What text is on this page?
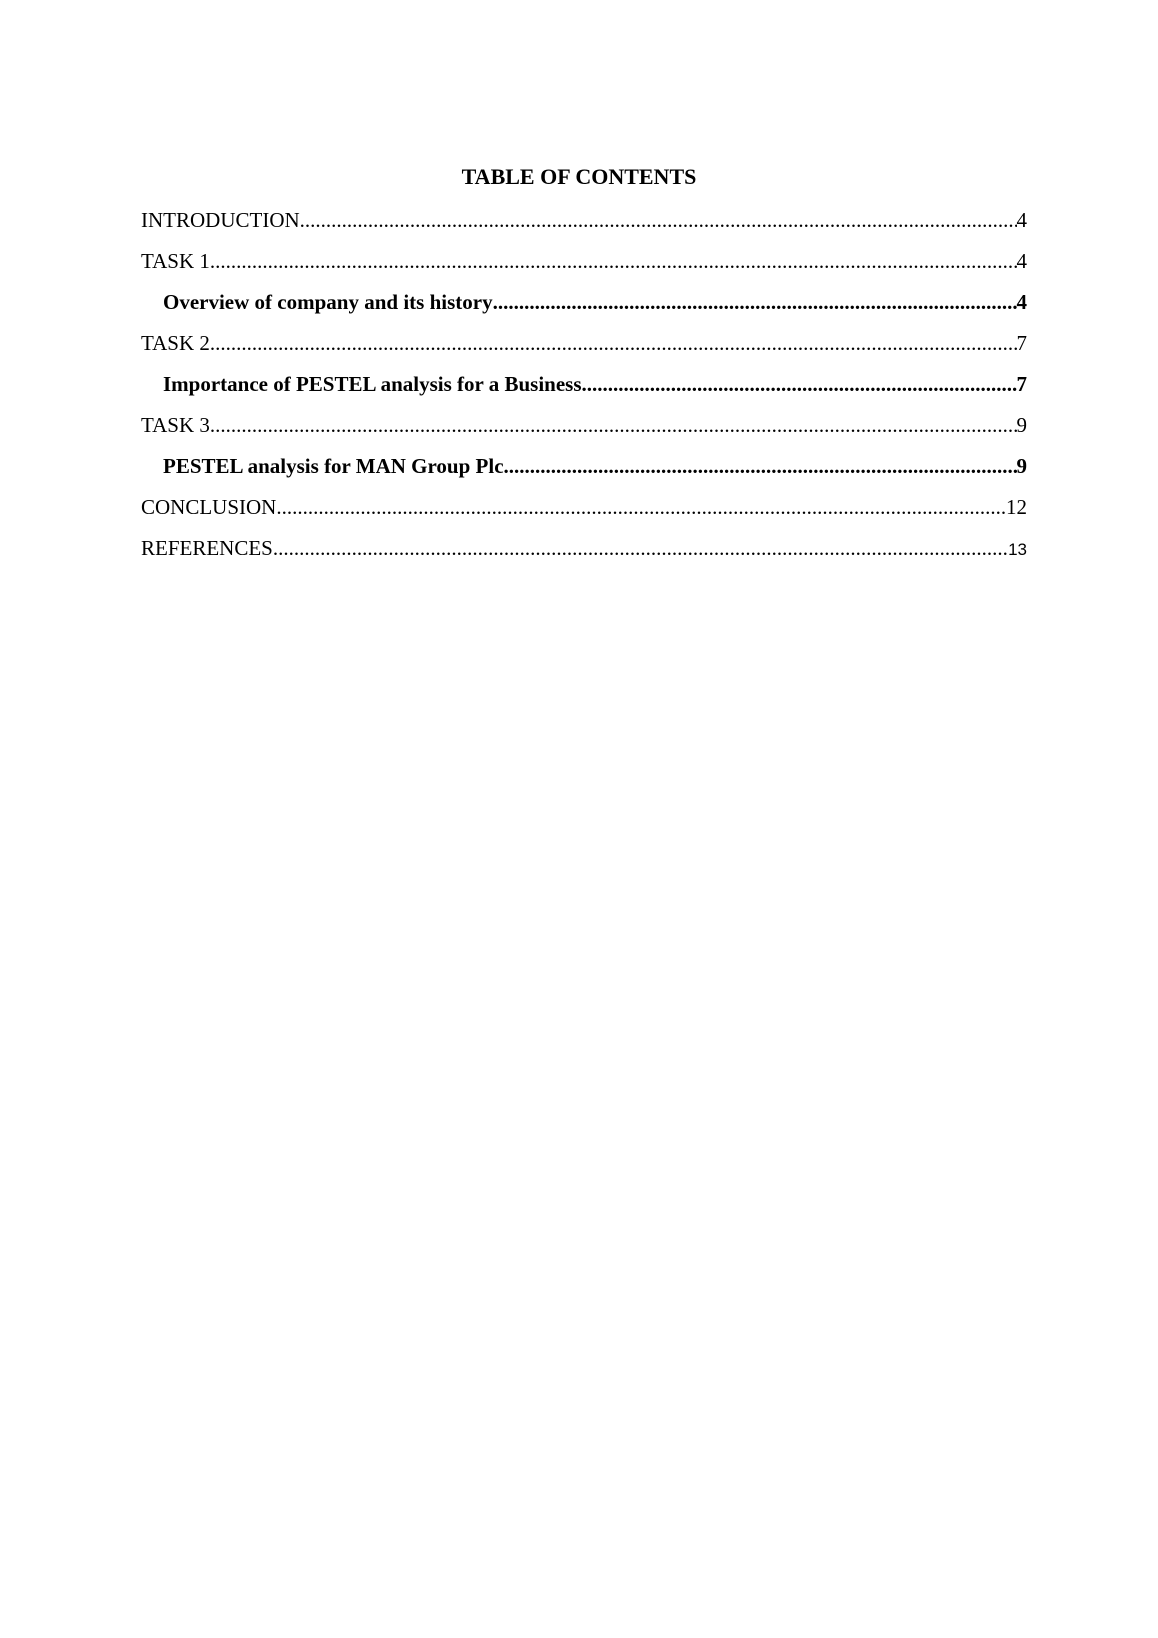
TABLE OF CONTENTS
INTRODUCTION .....	4
TASK 1 .....	4
Overview of company and its history .....	4
TASK 2 .....	7
Importance of PESTEL analysis for a Business .....	7
TASK 3 .....	9
PESTEL analysis for MAN Group Plc .....	9
CONCLUSION .....	12
REFERENCES .....	13
